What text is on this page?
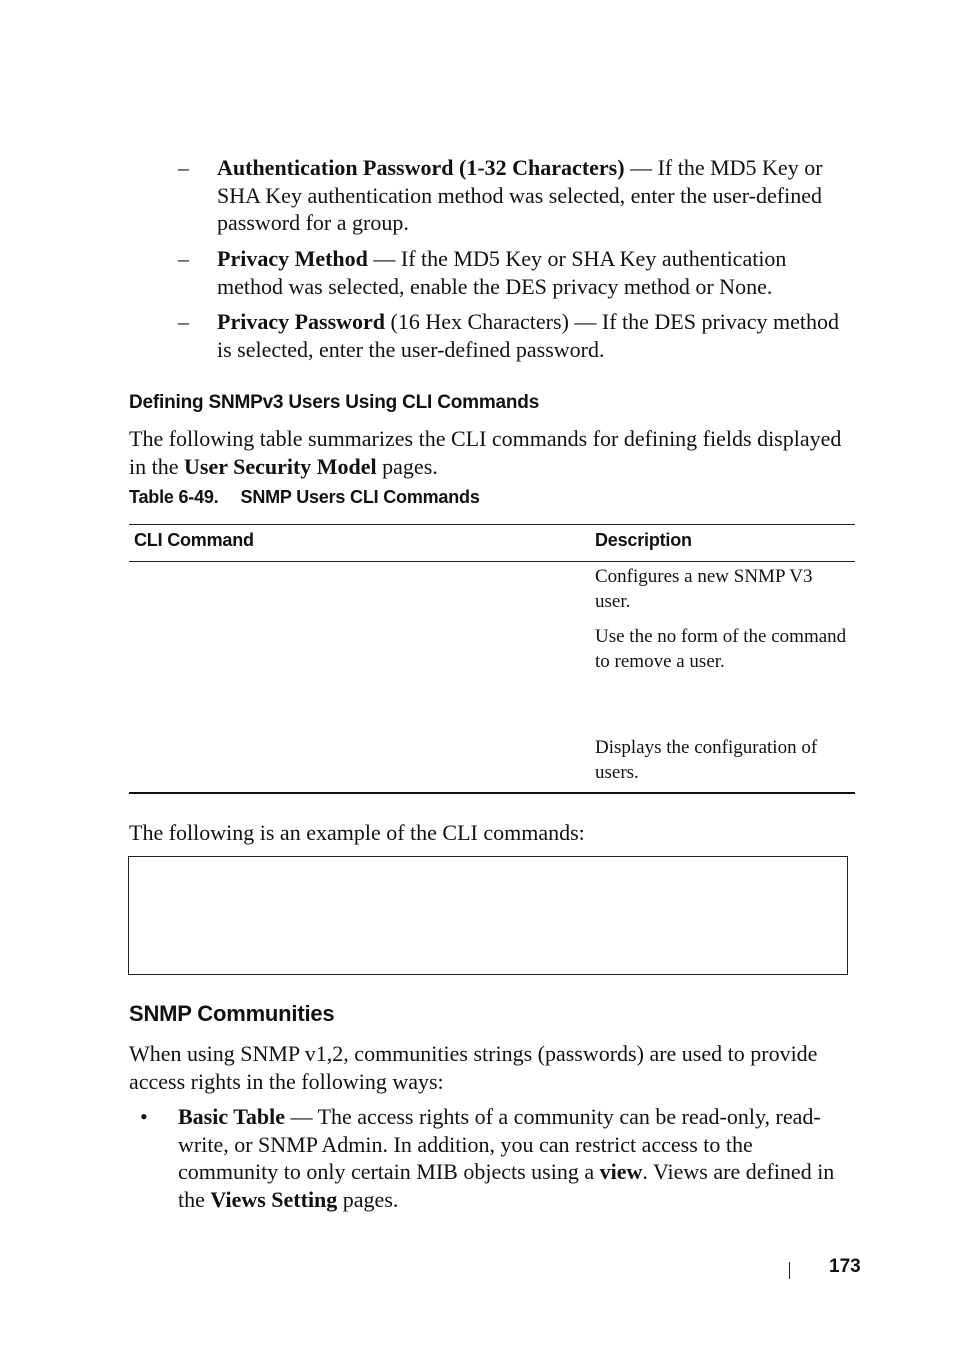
– Authentication Password (1-32 Characters) — If the MD5 Key or SHA Key authentication method was selected, enter the user-defined password for a group.
– Privacy Method — If the MD5 Key or SHA Key authentication method was selected, enable the DES privacy method or None.
– Privacy Password (16 Hex Characters) — If the DES privacy method is selected, enter the user-defined password.
Defining SNMPv3 Users Using CLI Commands
The following table summarizes the CLI commands for defining fields displayed in the User Security Model pages.
Table 6-49. SNMP Users CLI Commands
CLI Command	Description
Configures a new SNMP V3 user.
Use the no form of the command to remove a user.
Displays the configuration of users.
The following is an example of the CLI commands:
SNMP Communities
When using SNMP v1,2, communities strings (passwords) are used to provide access rights in the following ways:
• Basic Table — The access rights of a community can be read-only, read-write, or SNMP Admin. In addition, you can restrict access to the community to only certain MIB objects using a view. Views are defined in the Views Setting pages.
173
